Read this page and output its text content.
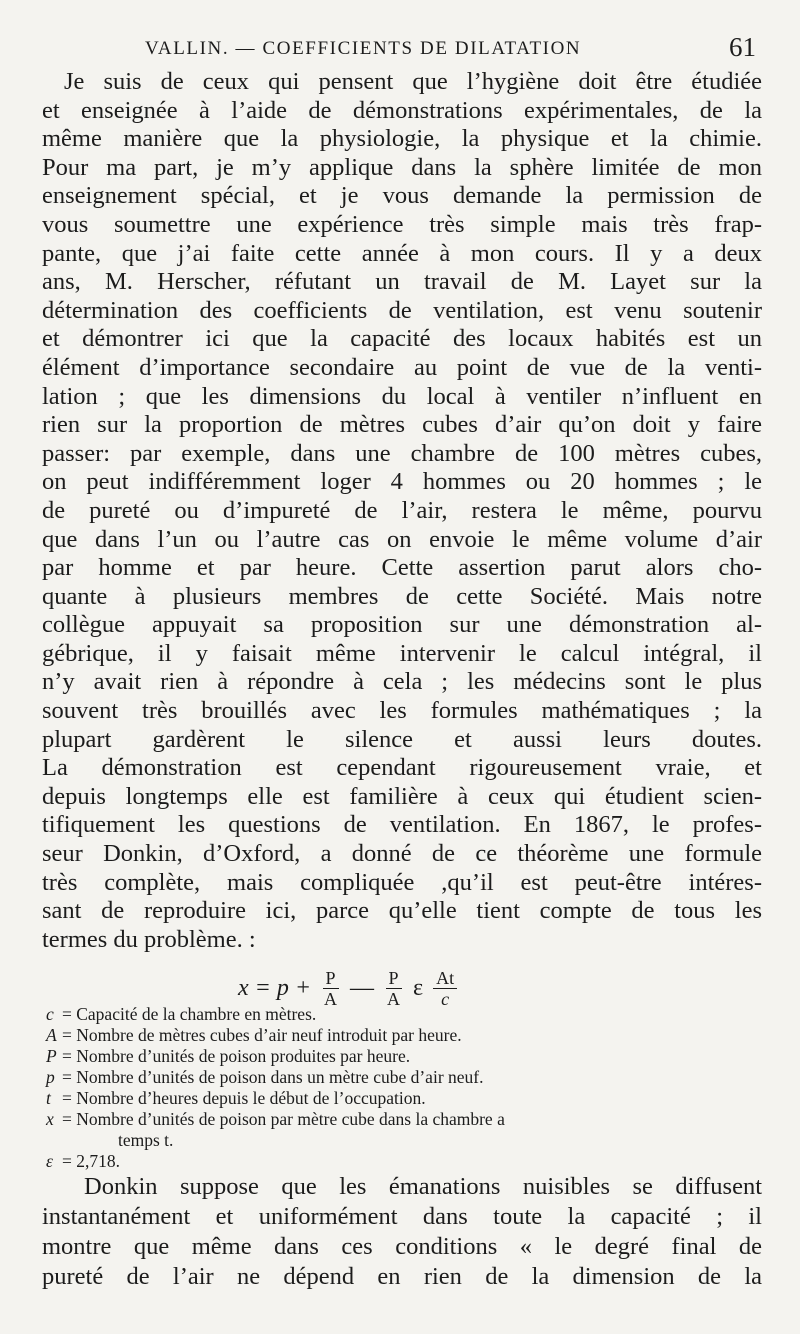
VALLIN. — COEFFICIENTS DE DILATATION	61
Je suis de ceux qui pensent que l’hygiène doit être étudiée
et enseignée à l’aide de démonstrations expérimentales, de la
même manière que la physiologie, la physique et la chimie.
Pour ma part, je m’y applique dans la sphère limitée de mon
enseignement spécial, et je vous demande la permission de
vous soumettre une expérience très simple mais très frap-
pante, que j’ai faite cette année à mon cours. Il y a deux
ans, M. Herscher, réfutant un travail de M. Layet sur la
détermination des coefficients de ventilation, est venu soutenir
et démontrer ici que la capacité des locaux habités est un
élément d’importance secondaire au point de vue de la venti-
lation ; que les dimensions du local à ventiler n’influent en
rien sur la proportion de mètres cubes d’air qu’on doit y faire
passer: par exemple, dans une chambre de 100 mètres cubes,
on peut indifféremment loger 4 hommes ou 20 hommes ; le
de pureté ou d’impureté de l’air, restera le même, pourvu
que dans l’un ou l’autre cas on envoie le même volume d’air
par homme et par heure. Cette assertion parut alors cho-
quante à plusieurs membres de cette Société. Mais notre
collègue appuyait sa proposition sur une démonstration al-
gébrique, il y faisait même intervenir le calcul intégral, il
n’y avait rien à répondre à cela ; les médecins sont le plus
souvent très brouillés avec les formules mathématiques ; la
plupart gardèrent le silence et aussi leurs doutes.
La démonstration est cependant rigoureusement vraie, et
depuis longtemps elle est familière à ceux qui étudient scien-
tifiquement les questions de ventilation. En 1867, le profes-
seur Donkin, d’Oxford, a donné de ce théorème une formule
très complète, mais compliquée ,qu’il est peut-être intéres-
sant de reproduire ici, parce qu’elle tient compte de tous les
termes du problème. :
$x = p + \frac{P}{A}$ — $\frac{P}{A}$ ε $\frac{At}{c}$
c = Capacité de la chambre en mètres.
A = Nombre de mètres cubes d’air neuf introduit par heure.
P = Nombre d’unités de poison produites par heure.
p = Nombre d’unités de poison dans un mètre cube d’air neuf.
t = Nombre d’heures depuis le début de l’occupation.
x = Nombre d’unités de poison par mètre cube dans la chambre a
temps t.
ε = 2,718.
Donkin suppose que les émanations nuisibles se diffusent
instantanément et uniformément dans toute la capacité ; il
montre que même dans ces conditions « le degré final de
pureté de l’air ne dépend en rien de la dimension de la
